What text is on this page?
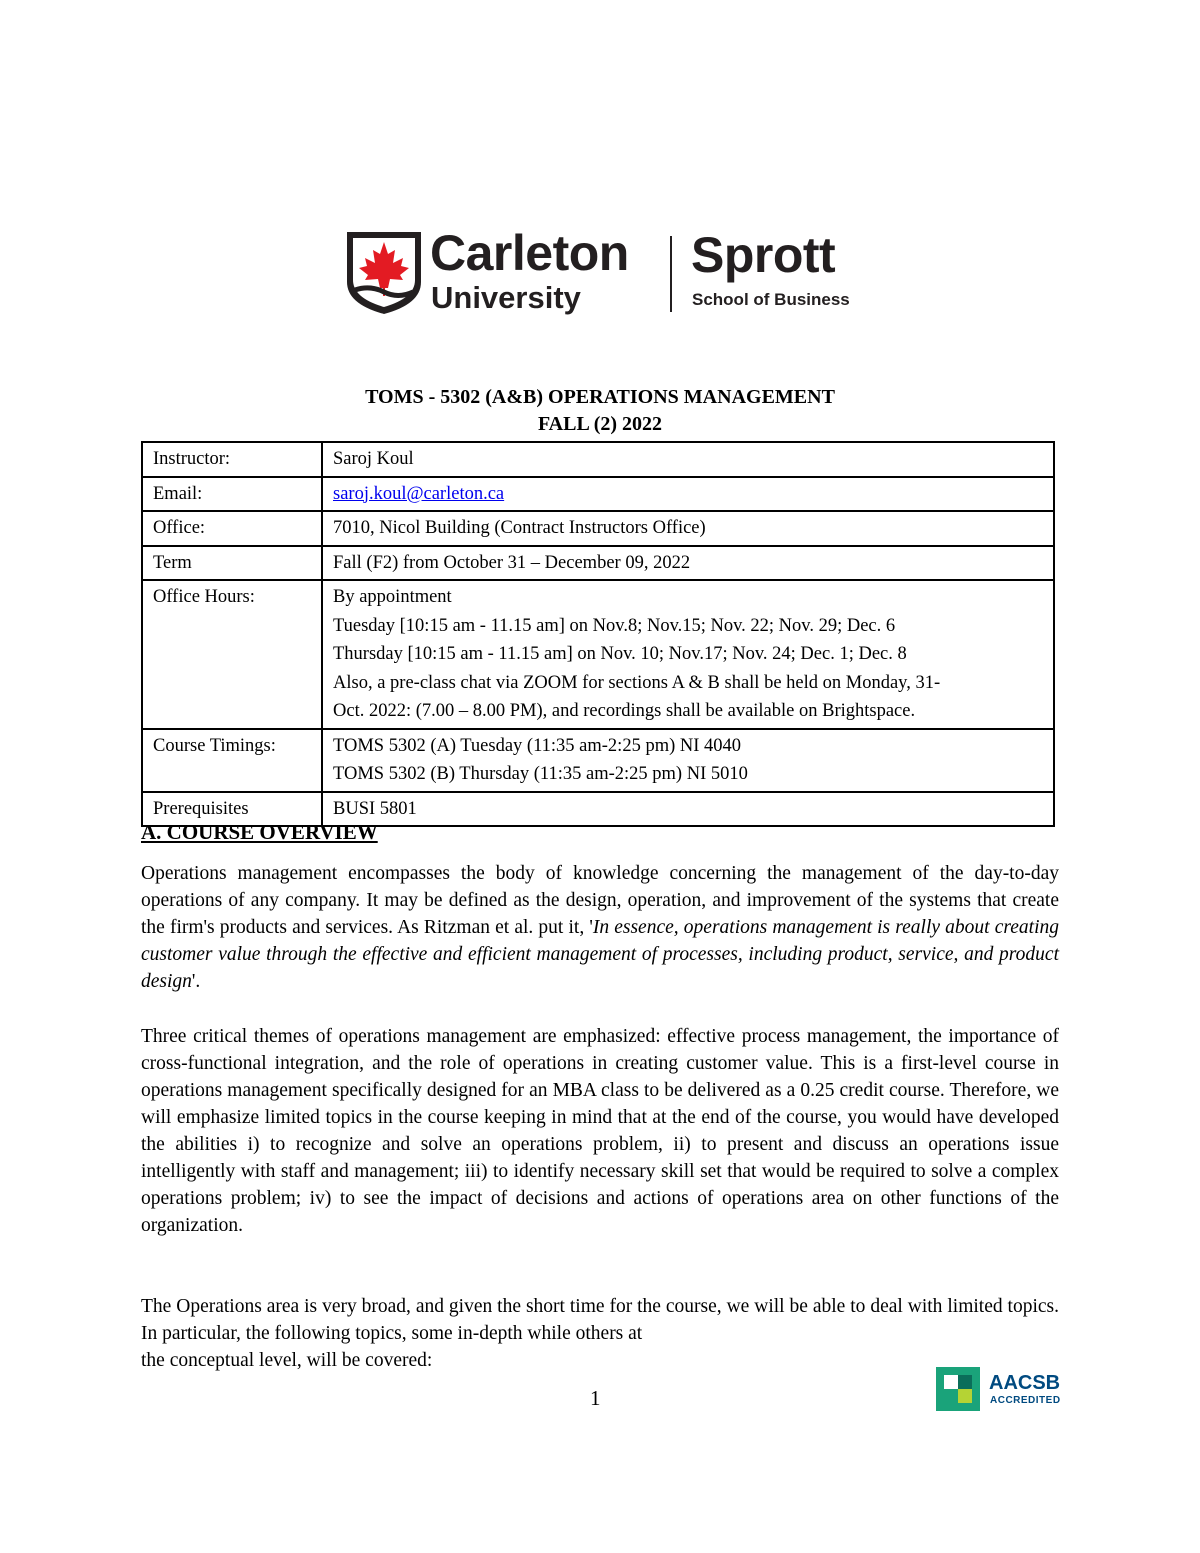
Carleton
University
Sprott
School of Business
TOMS - 5302 (A&B) OPERATIONS MANAGEMENT
FALL (2) 2022
Instructor:	Saroj Koul
Email:	saroj.koul@carleton.ca
Office:	7010, Nicol Building (Contract Instructors Office)
Term	Fall (F2) from October 31 – December 09, 2022
Office Hours:	By appointment
Tuesday [10:15 am - 11.15 am] on Nov.8; Nov.15; Nov. 22; Nov. 29; Dec. 6
Thursday [10:15 am - 11.15 am] on Nov. 10; Nov.17; Nov. 24; Dec. 1; Dec. 8
Also, a pre-class chat via ZOOM for sections A & B shall be held on Monday, 31-
Oct. 2022: (7.00 – 8.00 PM), and recordings shall be available on Brightspace.

Course Timings:	TOMS 5302 (A) Tuesday (11:35 am-2:25 pm) NI 4040
TOMS 5302 (B) Thursday (11:35 am-2:25 pm) NI 5010

Prerequisites	BUSI 5801
A. COURSE OVERVIEW

Operations management encompasses the body of knowledge concerning the management of the day-to-day operations of any company. It may be defined as the design, operation, and improvement of the systems that create the firm's products and services. As Ritzman et al. put it, 'In essence, operations management is really about creating customer value through the effective and efficient management of processes, including product, service, and product design'.

Three critical themes of operations management are emphasized: effective process management, the importance of cross-functional integration, and the role of operations in creating customer value. This is a first-level course in operations management specifically designed for an MBA class to be delivered as a 0.25 credit course. Therefore, we will emphasize limited topics in the course keeping in mind that at the end of the course, you would have developed the abilities i) to recognize and solve an operations problem, ii) to present and discuss an operations issue intelligently with staff and management; iii) to identify necessary skill set that would be required to solve a complex operations problem; iv) to see the impact of decisions and actions of operations area on other functions of the organization.

The Operations area is very broad, and given the short time for the course, we will be able to deal with limited topics. In particular, the following topics, some in-depth while others at
the conceptual level, will be covered:

1
AACSB
ACCREDITED
